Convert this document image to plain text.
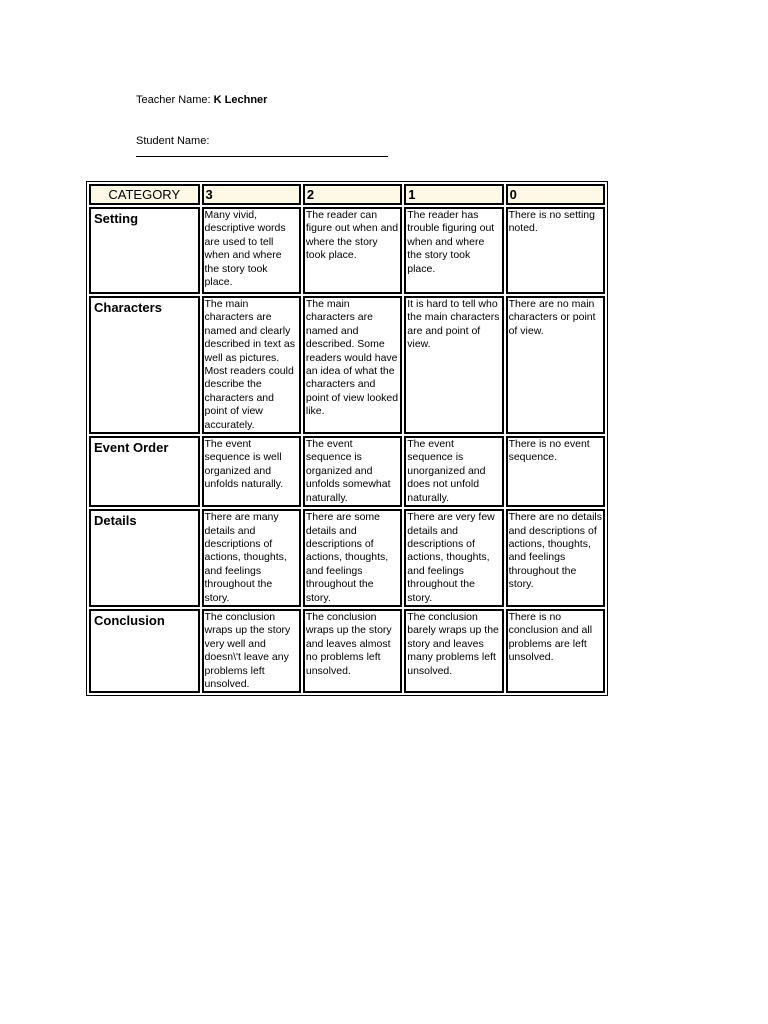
Teacher Name: K Lechner
Student Name:
CATEGORY	3	2	1	0
Setting	Many vivid, descriptive words are used to tell when and where the story took place.	The reader can figure out when and where the story took place.	The reader has trouble figuring out when and where the story took place.	There is no setting noted.
Characters	The main characters are named and clearly described in text as well as pictures. Most readers could describe the characters and point of view accurately.	The main characters are named and described. Some readers would have an idea of what the characters and point of view looked like.	It is hard to tell who the main characters are and point of view.	There are no main characters or point of view.
Event Order	The event sequence is well organized and unfolds naturally.	The event sequence is organized and unfolds somewhat naturally.	The event sequence is unorganized and does not unfold naturally.	There is no event sequence.
Details	There are many details and descriptions of actions, thoughts, and feelings throughout the story.	There are some details and descriptions of actions, thoughts, and feelings throughout the story.	There are very few details and descriptions of actions, thoughts, and feelings throughout the story.	There are no details and descriptions of actions, thoughts, and feelings throughout the story.
Conclusion	The conclusion wraps up the story very well and doesn\'t leave any problems left unsolved.	The conclusion wraps up the story and leaves almost no problems left unsolved.	The conclusion barely wraps up the story and leaves many problems left unsolved.	There is no conclusion and all problems are left unsolved.
